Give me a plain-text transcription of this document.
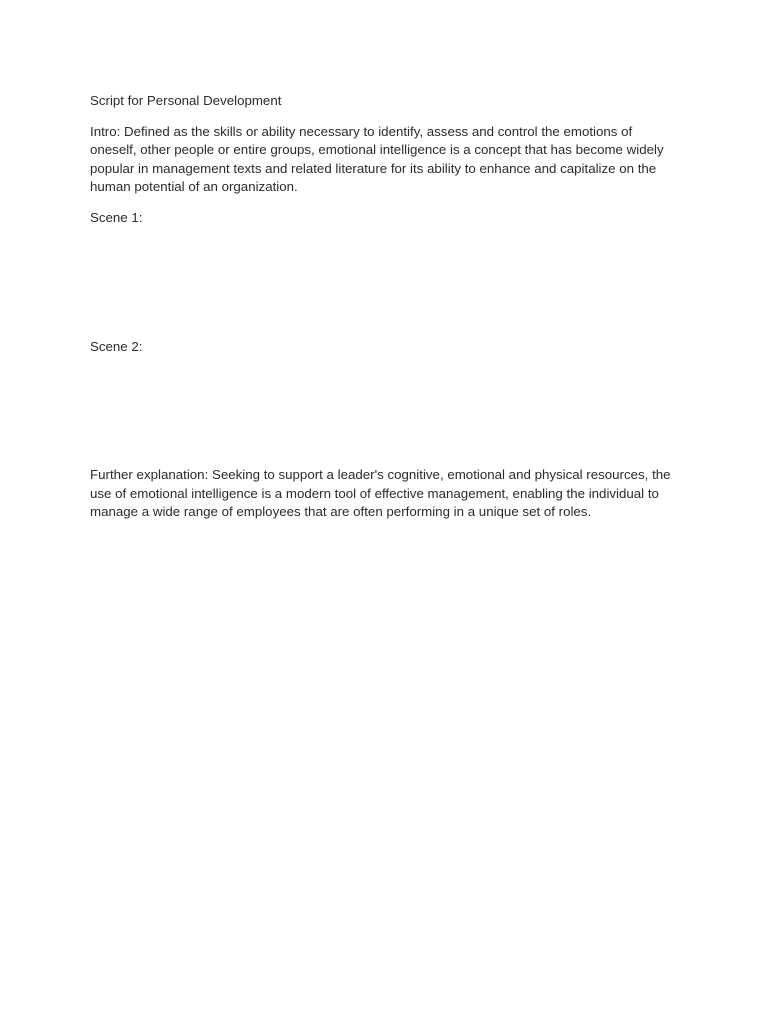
Script for Personal Development

Intro: Defined as the skills or ability necessary to identify, assess and control the emotions of oneself, other people or entire groups, emotional intelligence is a concept that has become widely popular in management texts and related literature for its ability to enhance and capitalize on the human potential of an organization.

Scene 1:

Scene 2:

Further explanation: Seeking to support a leader's cognitive, emotional and physical resources, the use of emotional intelligence is a modern tool of effective management, enabling the individual to manage a wide range of employees that are often performing in a unique set of roles.
